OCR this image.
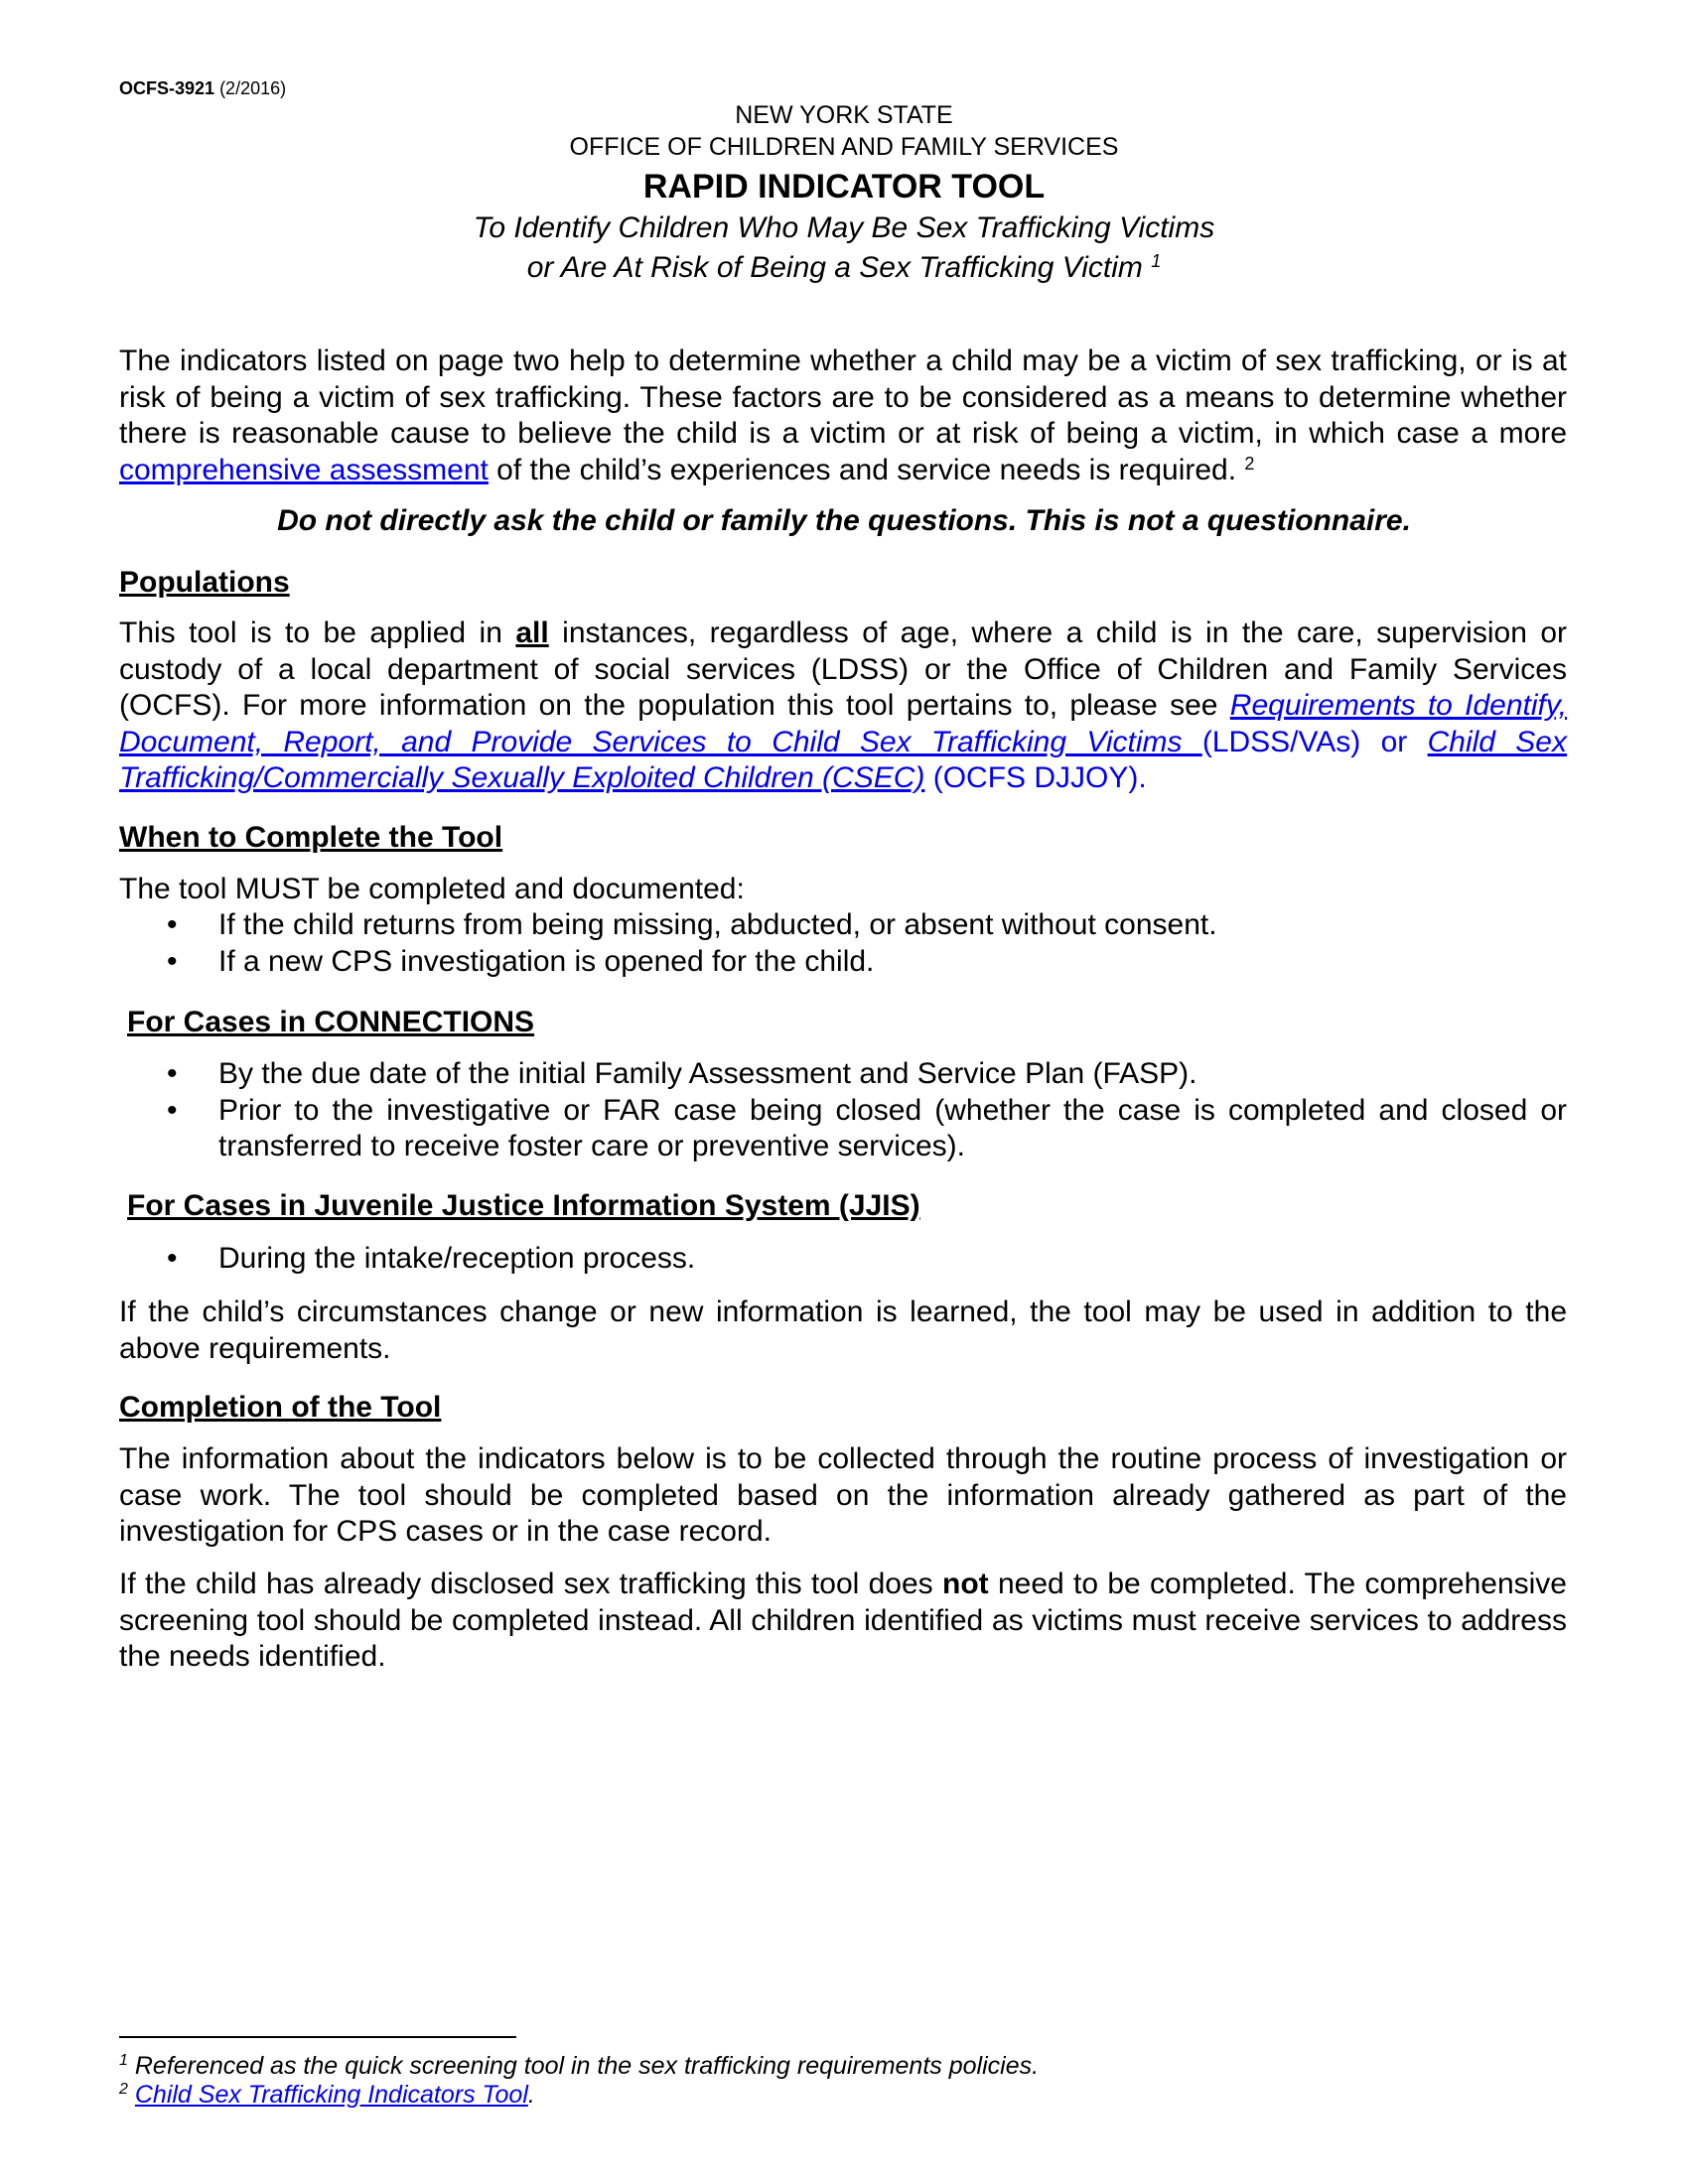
OCFS-3921 (2/2016)
NEW YORK STATE
OFFICE OF CHILDREN AND FAMILY SERVICES
RAPID INDICATOR TOOL
To Identify Children Who May Be Sex Trafficking Victims
or Are At Risk of Being a Sex Trafficking Victim $^1$

The indicators listed on page two help to determine whether a child may be a victim of sex trafficking, or is at risk of being a victim of sex trafficking. These factors are to be considered as a means to determine whether there is reasonable cause to believe the child is a victim or at risk of being a victim, in which case a more comprehensive assessment of the child’s experiences and service needs is required. $^2$

Do not directly ask the child or family the questions. This is not a questionnaire.
Populations

This tool is to be applied in all instances, regardless of age, where a child is in the care, supervision or custody of a local department of social services (LDSS) or the Office of Children and Family Services (OCFS). For more information on the population this tool pertains to, please see Requirements to Identify, Document, Report, and Provide Services to Child Sex Trafficking Victims (LDSS/VAs) or Child Sex Trafficking/Commercially Sexually Exploited Children (CSEC) (OCFS DJJOY).

When to Complete the Tool
The tool MUST be completed and documented:
• If the child returns from being missing, abducted, or absent without consent.
• If a new CPS investigation is opened for the child.
For Cases in CONNECTIONS
• By the due date of the initial Family Assessment and Service Plan (FASP).
• Prior to the investigative or FAR case being closed (whether the case is completed and closed or transferred to receive foster care or preventive services).
For Cases in Juvenile Justice Information System (JJIS)
• During the intake/reception process.

If the child’s circumstances change or new information is learned, the tool may be used in addition to the above requirements.

Completion of the Tool

The information about the indicators below is to be collected through the routine process of investigation or case work. The tool should be completed based on the information already gathered as part of the investigation for CPS cases or in the case record.

If the child has already disclosed sex trafficking this tool does not need to be completed. The comprehensive screening tool should be completed instead. All children identified as victims must receive services to address the needs identified.

$^1$ Referenced as the quick screening tool in the sex trafficking requirements policies.
$^2$ Child Sex Trafficking Indicators Tool.
